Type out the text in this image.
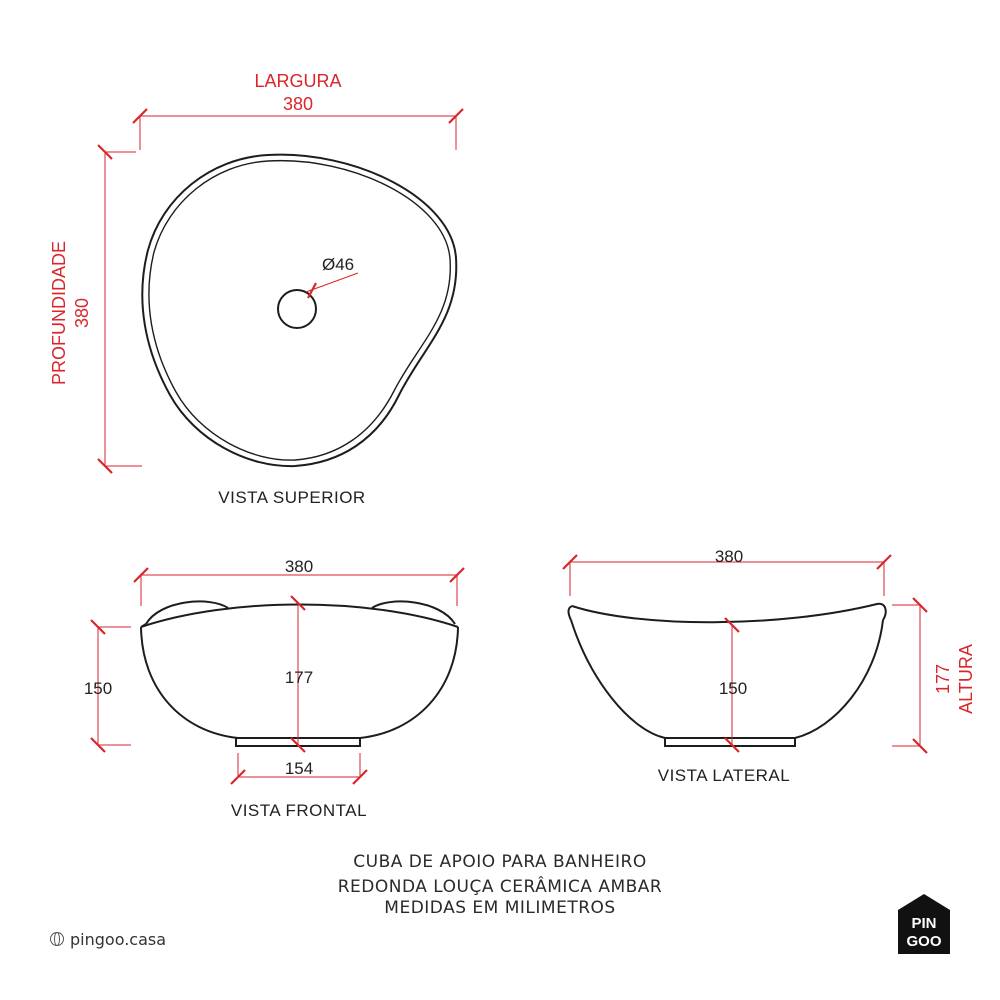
Ø46
LARGURA
380
PROFUNDIDADE 380
VISTA SUPERIOR
380
177
150
154
VISTA FRONTAL
380
150	177 ALTURA
VISTA LATERAL
CUBA DE APOIO PARA BANHEIRO
REDONDA LOUÇA CERÂMICA AMBAR
MEDIDAS EM MILIMETROS
pingoo.casa
PIN
GOO
